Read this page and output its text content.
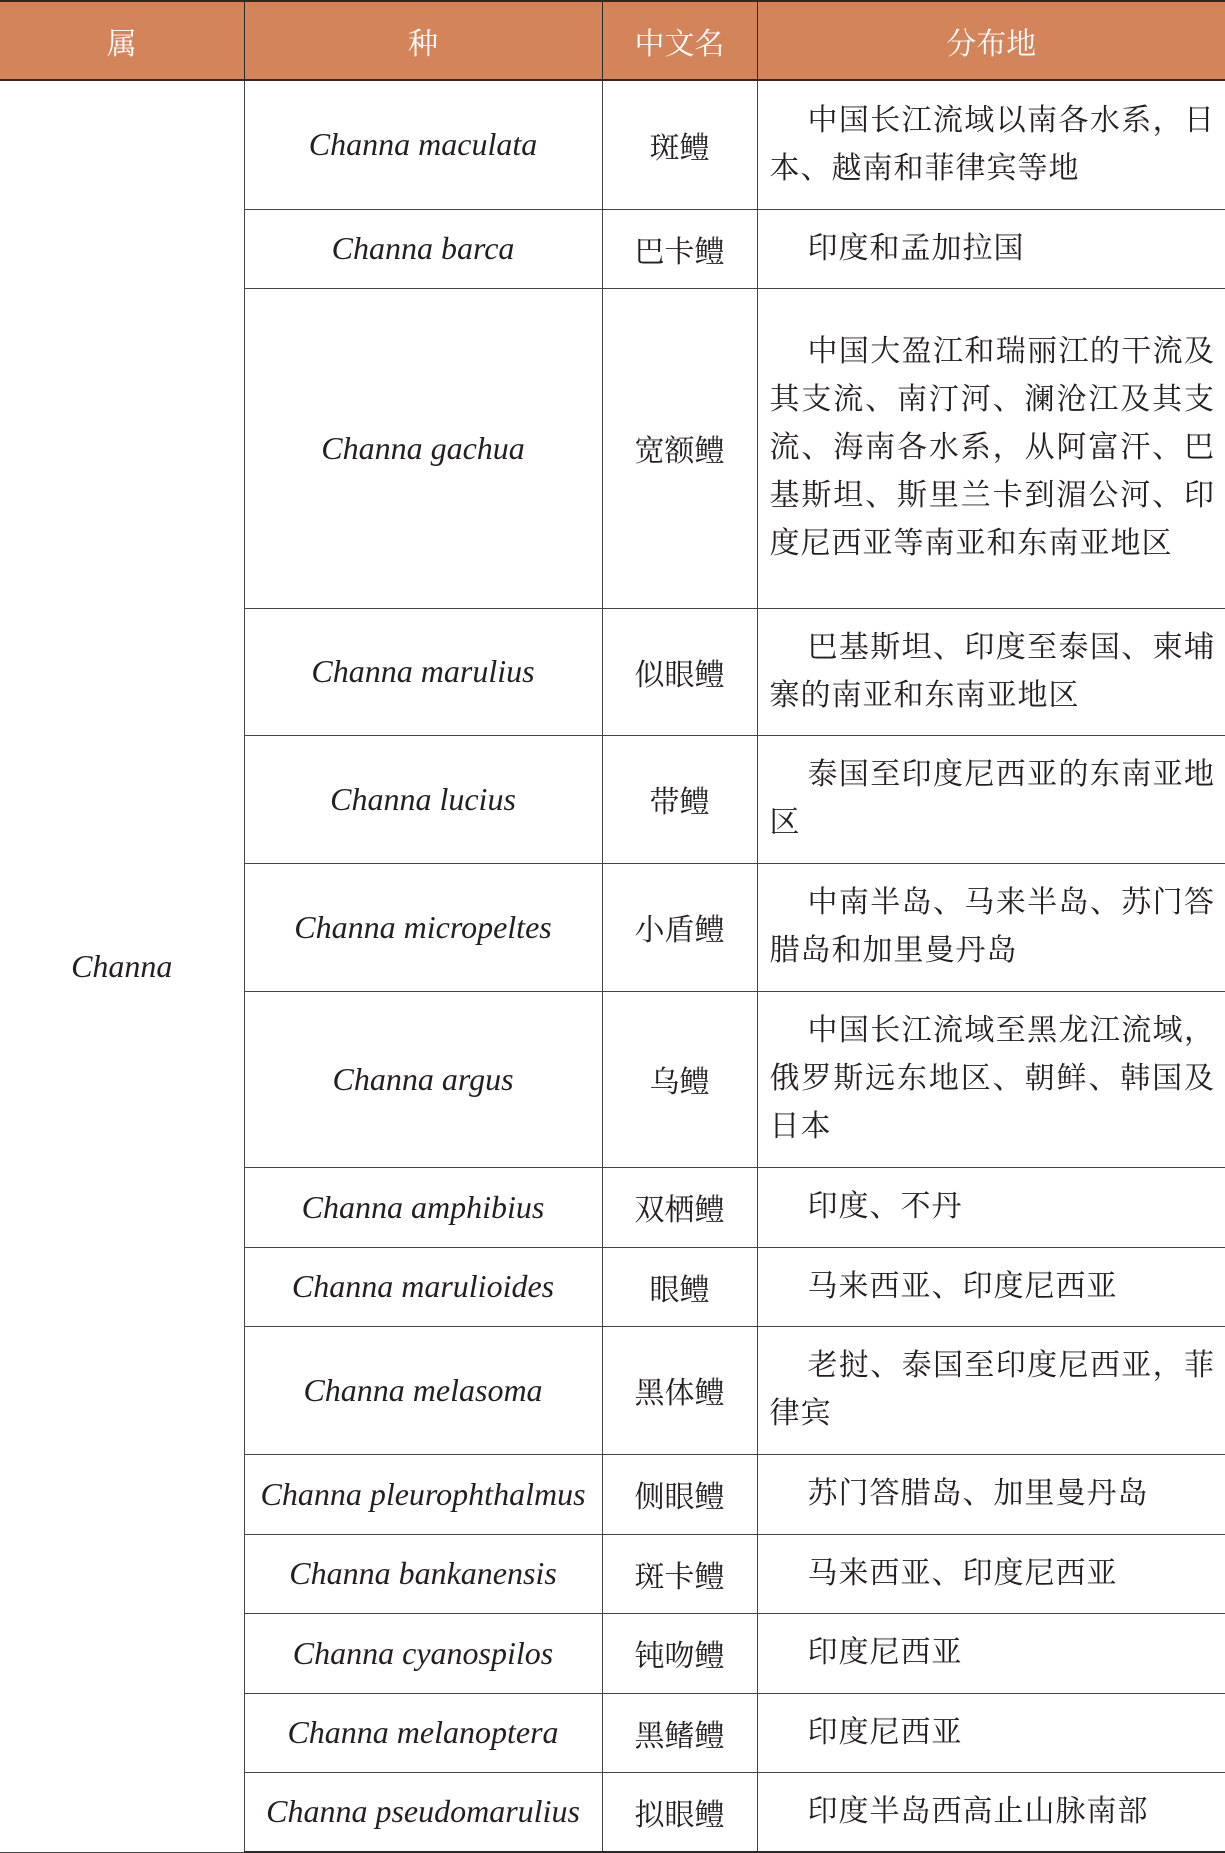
属	种	中文名	分布地
Channa	Channa maculata	斑鳢	中国长江流域以南各水系，日本、越南和菲律宾等地
	Channa barca	巴卡鳢	印度和孟加拉国
	Channa gachua	宽额鳢	中国大盈江和瑞丽江的干流及其支流、南汀河、澜沧江及其支流、海南各水系，从阿富汗、巴基斯坦、斯里兰卡到湄公河、印度尼西亚等南亚和东南亚地区
	Channa marulius	似眼鳢	巴基斯坦、印度至泰国、柬埔寨的南亚和东南亚地区
	Channa lucius	带鳢	泰国至印度尼西亚的东南亚地区
	Channa micropeltes	小盾鳢	中南半岛、马来半岛、苏门答腊岛和加里曼丹岛
	Channa argus	乌鳢	中国长江流域至黑龙江流域，俄罗斯远东地区、朝鲜、韩国及日本
	Channa amphibius	双栖鳢	印度、不丹
	Channa marulioides	眼鳢	马来西亚、印度尼西亚
	Channa melasoma	黑体鳢	老挝、泰国至印度尼西亚，菲律宾
	Channa pleurophthalmus	侧眼鳢	苏门答腊岛、加里曼丹岛
	Channa bankanensis	斑卡鳢	马来西亚、印度尼西亚
	Channa cyanospilos	钝吻鳢	印度尼西亚
	Channa melanoptera	黑鳍鳢	印度尼西亚
	Channa pseudomarulius	拟眼鳢	印度半岛西高止山脉南部
